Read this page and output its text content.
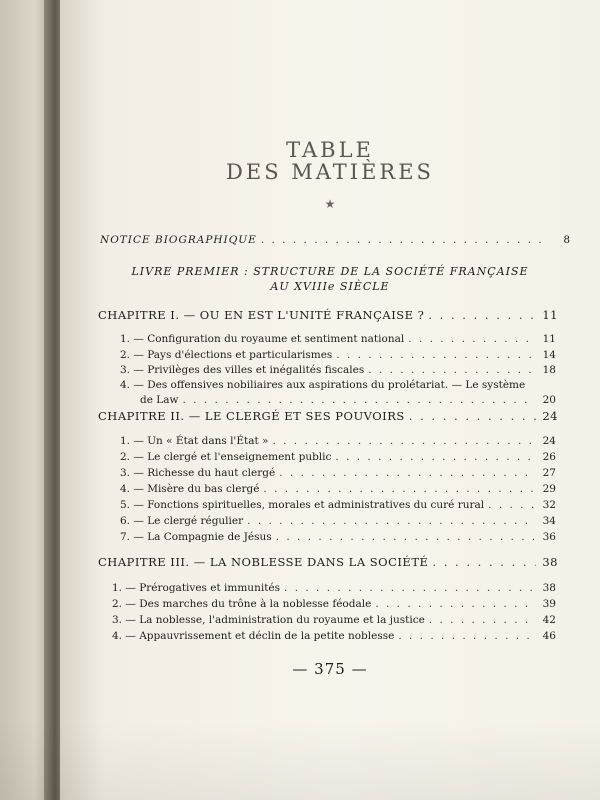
TABLE
DES MATIÈRES
★
NOTICE BIOGRAPHIQUE . . .	8
LIVRE PREMIER : STRUCTURE DE LA SOCIÉTÉ FRANÇAISE
AU XVIIIe SIÈCLE
CHAPITRE I. — OU EN EST L'UNITÉ FRANÇAISE ? . . .	11
1. — Configuration du royaume et sentiment national . . .	11
2. — Pays d'élections et particularismes . . .	14
3. — Privilèges des villes et inégalités fiscales . . .	18
4. — Des offensives nobiliaires aux aspirations du prolétariat. — Le système
de Law . . .	20
CHAPITRE II. — LE CLERGÉ ET SES POUVOIRS . . .	24
1. — Un « État dans l'État » . . .	24
2. — Le clergé et l'enseignement public . . .	26
3. — Richesse du haut clergé . . .	27
4. — Misère du bas clergé . . .	29
5. — Fonctions spirituelles, morales et administratives du curé rural . . .	32
6. — Le clergé régulier . . .	34
7. — La Compagnie de Jésus . . .	36
CHAPITRE III. — LA NOBLESSE DANS LA SOCIÉTÉ . . .	38
1. — Prérogatives et immunités . . .	38
2. — Des marches du trône à la noblesse féodale . . .	39
3. — La noblesse, l'administration du royaume et la justice . . .	42
4. — Appauvrissement et déclin de la petite noblesse . . .	46
— 375 —
